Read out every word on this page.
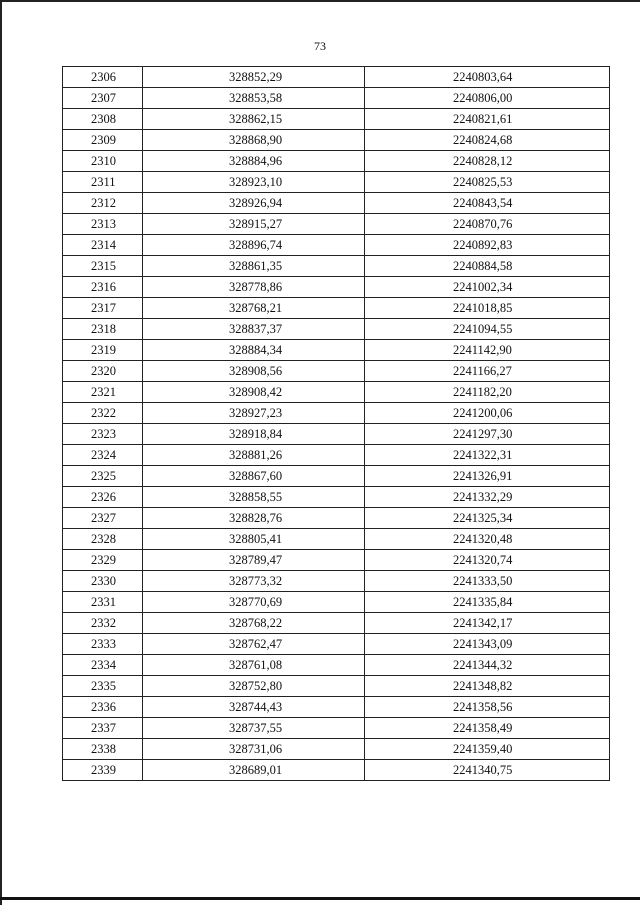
73
2306	328852,29	2240803,64
2307	328853,58	2240806,00
2308	328862,15	2240821,61
2309	328868,90	2240824,68
2310	328884,96	2240828,12
2311	328923,10	2240825,53
2312	328926,94	2240843,54
2313	328915,27	2240870,76
2314	328896,74	2240892,83
2315	328861,35	2240884,58
2316	328778,86	2241002,34
2317	328768,21	2241018,85
2318	328837,37	2241094,55
2319	328884,34	2241142,90
2320	328908,56	2241166,27
2321	328908,42	2241182,20
2322	328927,23	2241200,06
2323	328918,84	2241297,30
2324	328881,26	2241322,31
2325	328867,60	2241326,91
2326	328858,55	2241332,29
2327	328828,76	2241325,34
2328	328805,41	2241320,48
2329	328789,47	2241320,74
2330	328773,32	2241333,50
2331	328770,69	2241335,84
2332	328768,22	2241342,17
2333	328762,47	2241343,09
2334	328761,08	2241344,32
2335	328752,80	2241348,82
2336	328744,43	2241358,56
2337	328737,55	2241358,49
2338	328731,06	2241359,40
2339	328689,01	2241340,75
